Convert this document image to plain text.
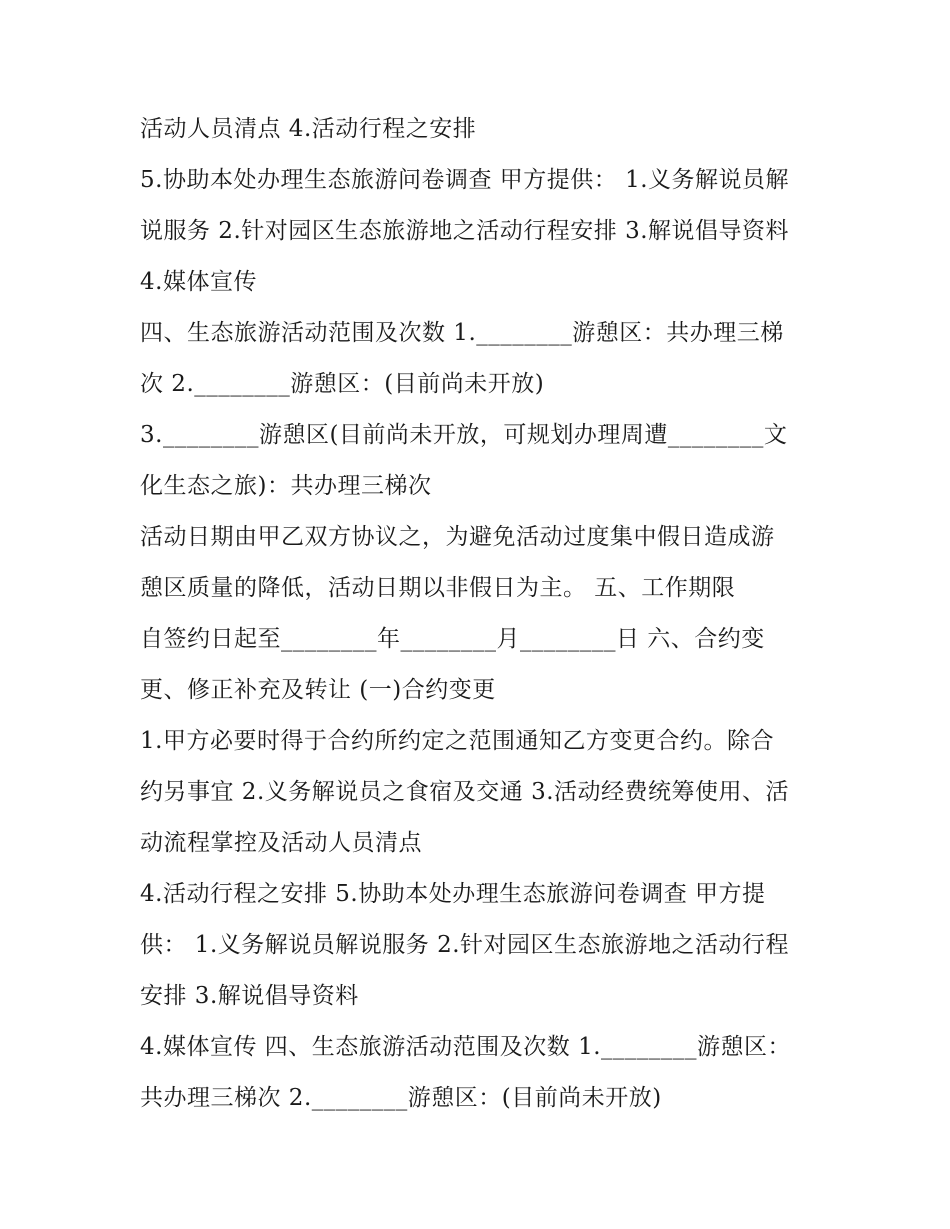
活动人员清点 4.活动行程之安排
5.协助本处办理生态旅游问卷调查 甲方提供： 1.义务解说员解
说服务 2.针对园区生态旅游地之活动行程安排 3.解说倡导资料
4.媒体宣传
四、生态旅游活动范围及次数 1.________游憩区：共办理三梯
次 2.________游憩区：(目前尚未开放)
3.________游憩区(目前尚未开放，可规划办理周遭________文
化生态之旅)：共办理三梯次
活动日期由甲乙双方协议之，为避免活动过度集中假日造成游
憩区质量的降低，活动日期以非假日为主。 五、工作期限
自签约日起至________年________月________日 六、合约变
更、修正补充及转让 (一)合约变更
1.甲方必要时得于合约所约定之范围通知乙方变更合约。除合
约另事宜 2.义务解说员之食宿及交通 3.活动经费统筹使用、活
动流程掌控及活动人员清点
4.活动行程之安排 5.协助本处办理生态旅游问卷调查 甲方提
供： 1.义务解说员解说服务 2.针对园区生态旅游地之活动行程
安排 3.解说倡导资料
4.媒体宣传 四、生态旅游活动范围及次数 1.________游憩区：
共办理三梯次 2.________游憩区：(目前尚未开放)
